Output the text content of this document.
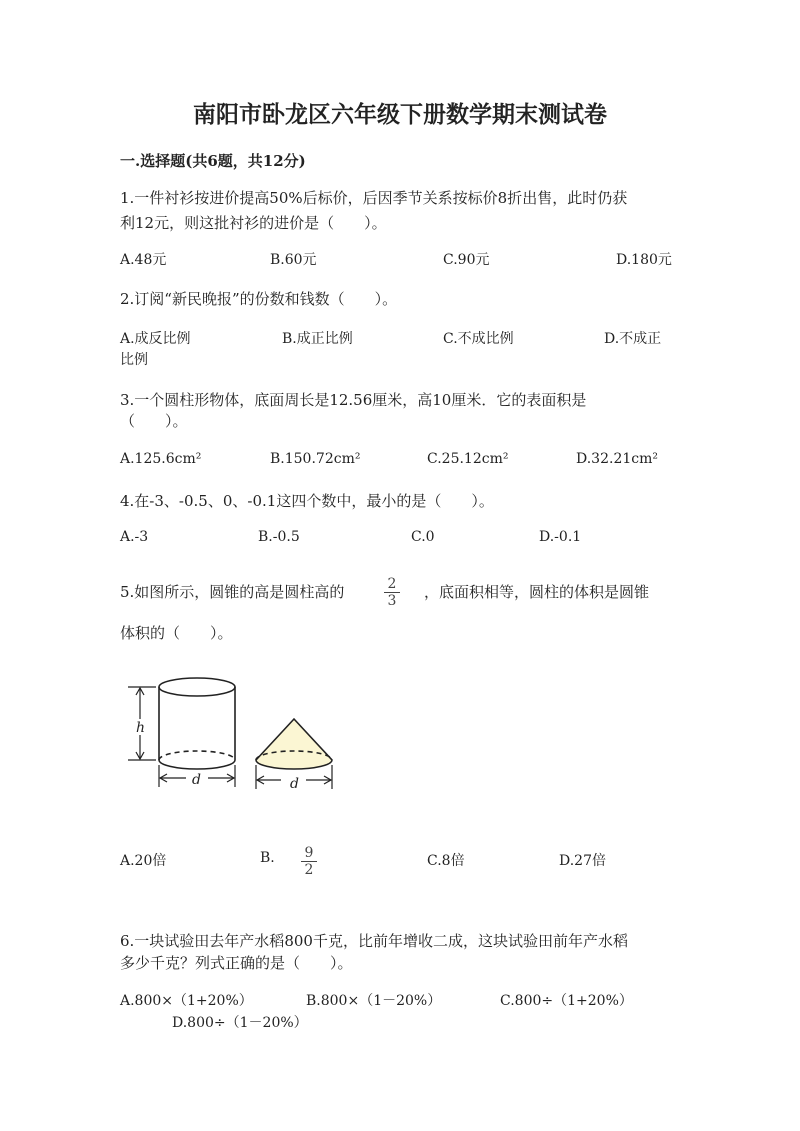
南阳市卧龙区六年级下册数学期末测试卷
一.选择题(共6题，共12分)
1.一件衬衫按进价提高50%后标价，后因季节关系按标价8折出售，此时仍获
利12元，则这批衬衫的进价是（　　）。
A.48元	B.60元	C.90元	D.180元
2.订阅“新民晚报”的份数和钱数（　　）。
A.成反比例	B.成正比例	C.不成比例	D.不成正
比例
3.一个圆柱形物体，底面周长是12.56厘米，高10厘米．它的表面积是
（　　）。
A.125.6cm²	B.150.72cm²	C.25.12cm²	D.32.21cm²
4.在-3、-0.5、0、-0.1这四个数中，最小的是（　　）。
A.-3	B.-0.5	C.0	D.-0.1
5.如图所示，圆锥的高是圆柱高的	$\frac{2}{3}$ ，底面积相等，圆柱的体积是圆锥
体积的（　　）。
h
d	d
A.20倍	B. $\frac{9}{2}$	C.8倍	D.27倍
6.一块试验田去年产水稻800千克，比前年增收二成，这块试验田前年产水稻
多少千克？列式正确的是（　　）。
A.800×（1+20%）	B.800×（1－20%）	C.800÷（1+20%）
D.800÷（1－20%）
